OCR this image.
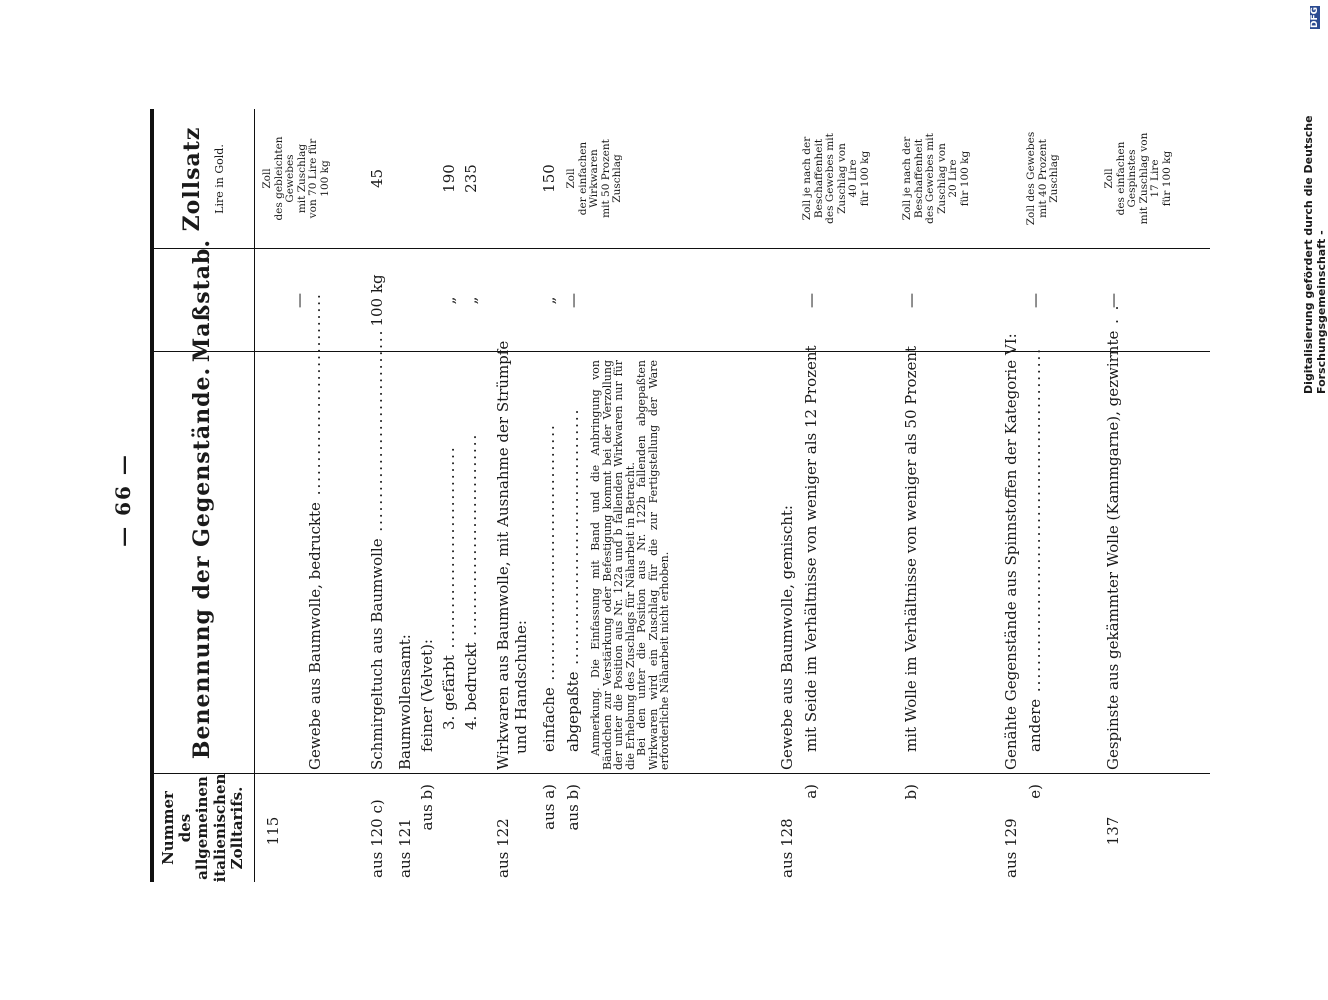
— 66 —
Nummer des allgemeinen italienischen Zolltarifs.
Benennung der Gegenstände.
Maßstab.
Zollsatz Lire in Gold.
115
Gewebe aus Baumwolle, bedruckte ..............................
—
Zoll des gebleichten Gewebes mit Zuschlag von 70 Lire für 100 kg
aus 120 c)
Schmirgeltuch aus Baumwolle ..............................
100 kg
45
aus 121
Baumwollensamt:
aus b)
feiner (Velvet): 3. gefärbt ..............................
„
190
4. bedruckt ..............................
„
235
aus 122
Wirkwaren aus Baumwolle, mit Ausnahme der Strümpfe und Handschuhe:
aus a)
einfache ......................................
„
150
aus b)
abgepaßte ......................................
—
Zoll der einfachen Wirkwaren mit 50 Prozent Zuschlag

Anmerkung. Die Einfassung mit Band und die Anbringung von Bändchen zur Verstärkung oder Befestigung kommt bei der Verzollung der unter die Position aus Nr. 122a und b fallenden Wirkwaren nur für die Erhebung des Zuschlags für Näharbeit in Betracht.

Bei den unter die Position aus Nr. 122b fallenden abgepaßten Wirkwaren wird ein Zuschlag für die zur Fertigstellung der Ware erforderliche Näharbeit nicht erhoben.

aus 128
Gewebe aus Baumwolle, gemischt:
a)
mit Seide im Verhältnisse von weniger als 12 Prozent
—
Zoll je nach der Beschaffenheit des Gewebes mit Zuschlag von 40 Lire für 100 kg
b)
mit Wolle im Verhältnisse von weniger als 50 Prozent
—
Zoll je nach der Beschaffenheit des Gewebes mit Zuschlag von 20 Lire für 100 kg
aus 129
Genähte Gegenstände aus Spinnstoffen der Kategorie VI:
e)
andere ...................................................
—
Zoll des Gewebes mit 40 Prozent Zuschlag
137
Gespinste aus gekämmter Wolle (Kammgarne), gezwirnte . .
—
Zoll des einfachen Gespinstes mit Zuschlag von 17 Lire für 100 kg	Digitalisierung gefördert durch die Deutsche Forschungsgemeinschaft -
DFG
